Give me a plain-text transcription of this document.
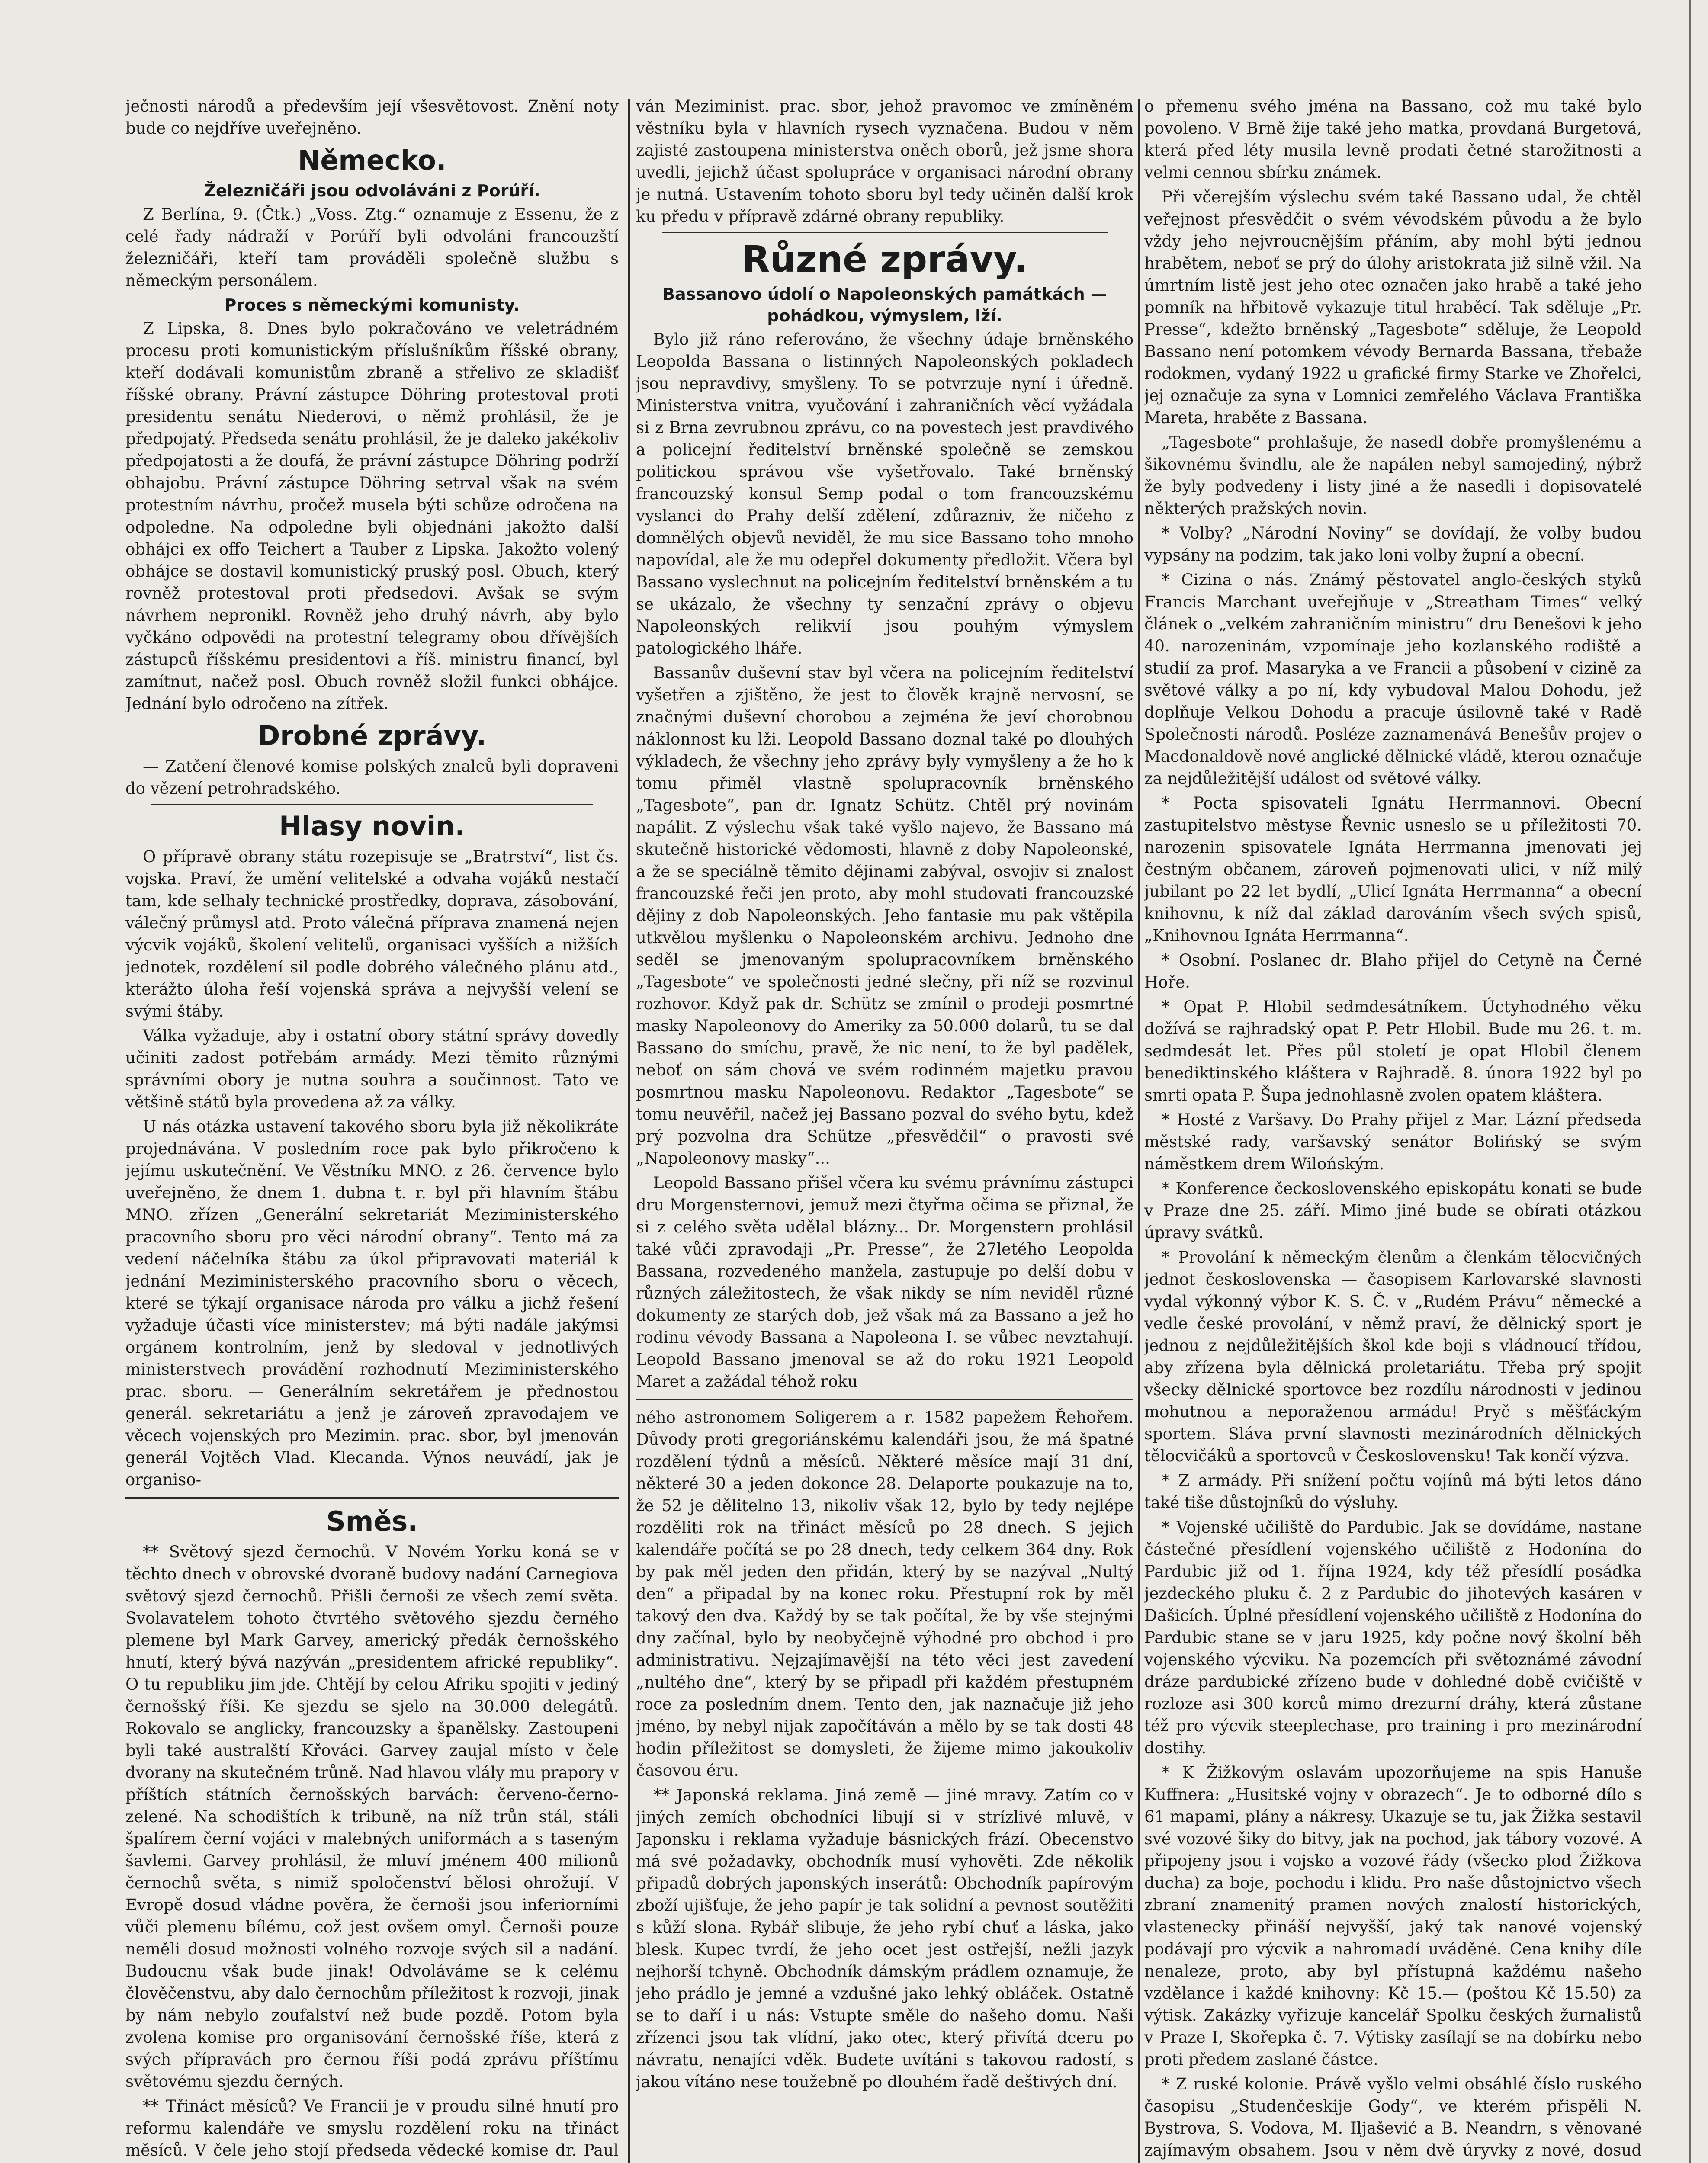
ječnosti národů a především její všesvětovost. Znění noty bude co nejdříve uveřejněno.

Německo.
Železničáři jsou odvoláváni z Porúří.

Z Berlína, 9. (Čtk.) „Voss. Ztg.“ oznamuje z Essenu, že z celé řady nádraží v Porúří byli odvoláni francouzští železničáři, kteří tam prováděli společně službu s německým personálem.

Proces s německými komunisty.

Z Lipska, 8. Dnes bylo pokračováno ve veletrádném procesu proti komunistickým příslušníkům říšské obrany, kteří dodávali komunistům zbraně a střelivo ze skladišť říšské obrany. Právní zástupce Döhring protestoval proti presidentu senátu Niederovi, o němž prohlásil, že je předpojatý. Předseda senátu prohlásil, že je daleko jakékoliv předpojatosti a že doufá, že právní zástupce Döhring podrží obhajobu. Právní zástupce Döhring setrval však na svém protestním návrhu, pročež musela býti schůze odročena na odpoledne. Na odpoledne byli objednáni jakožto další obhájci ex offo Teichert a Tauber z Lipska. Jakožto volený obhájce se dostavil komunistický pruský posl. Obuch, který rovněž protestoval proti předsedovi. Avšak se svým návrhem nepronikl. Rovněž jeho druhý návrh, aby bylo vyčkáno odpovědi na protestní telegramy obou dřívějších zástupců říšskému presidentovi a říš. ministru financí, byl zamítnut, načež posl. Obuch rovněž složil funkci obhájce. Jednání bylo odročeno na zítřek.

Drobné zprávy.

— Zatčení členové komise polských znalců byli dopraveni do vězení petrohradského.

Hlasy novin.

O přípravě obrany státu rozepisuje se „Bratrství“, list čs. vojska. Praví, že umění velitelské a odvaha vojáků nestačí tam, kde selhaly technické prostředky, dopravа, zásobování, válečný průmysl atd. Proto válečná příprava znamená nejen výcvik vojáků, školení velitelů, organisaci vyšších a nižších jednotek, rozdělení sil podle dobrého válečného plánu atd., kterážto úloha řeší vojenská správa a nejvyšší velení se svými štáby.

Válka vyžaduje, aby i ostatní obory státní správy dovedly učiniti zadost potřebám armády. Mezi těmito různými správními obory je nutna souhra a součinnost. Tato ve většině států byla provedena až za války.

U nás otázka ustavení takového sboru byla již několikráte projednávána. V posledním roce pak bylo přikročeno k jejímu uskutečnění. Ve Věstníku MNO. z 26. července bylo uveřejněno, že dnem 1. dubna t. r. byl při hlavním štábu MNO. zřízen „Generální sekretariát Meziministerského pracovního sboru pro věci národní obrany“. Tento má za vedení náčelníka štábu za úkol připravovati materiál k jednání Meziministerského pracovního sboru o věcech, které se týkají organisace národa pro válku a jichž řešení vyžaduje účasti více ministerstev; má býti nadále jakýmsi orgánem kontrolním, jenž by sledoval v jednotlivých ministerstvech provádění rozhodnutí Meziministerského prac. sboru. — Generálním sekretářem je přednostou generál. sekretariátu a jenž je zároveň zpravodajem ve věcech vojenských pro Mezimin. prac. sbor, byl jmenován generál Vojtěch Vlad. Klecanda. Výnos neuvádí, jak je organiso-

Směs.

** Světový sjezd černochů. V Novém Yorku koná se v těchto dnech v obrovské dvoraně budovy nadání Carnegiova světový sjezd černochů. Přišli černoši ze všech zemí světa. Svolavatelem tohoto čtvrtého světového sjezdu černého plemene byl Mark Garvey, americký předák černošského hnutí, který bývá nazýván „presidentem africké republiky“. O tu republiku jim jde. Chtějí by celou Afriku spojiti v jediný černošský říši. Ke sjezdu se sjelo na 30.000 delegátů. Rokovalo se anglicky, francouzsky a španělsky. Zastoupeni byli také australští Křováci. Garvey zaujal místo v čele dvorany na skutečném trůně. Nad hlavou vlály mu prapory v příštích státních černošských barvách: červeno-černo-zelené. Na schodištích k tribuně, na níž trůn stál, stáli špalírem černí vojáci v malebných uniformách a s taseným šavlemi. Garvey prohlásil, že mluví jménem 400 milionů černochů světa, s nimiž spoločenství bělosi ohrožují. V Evropě dosud vládne pověra, že černoši jsou inferiorními vůči plemenu bílému, což jest ovšem omyl. Černoši pouze neměli dosud možnosti volného rozvoje svých sil a nadání. Budoucnu však bude jinak! Odvoláváme se k celému člověčenstvu, aby dalo černochům příležitost k rozvoji, jinak by nám nebylo zoufalství než bude pozdě. Potom byla zvolena komise pro organisování černošské říše, která z svých přípravách pro černou říši podá zprávu příštímu světovému sjezdu černých.

** Třináct měsíců? Ve Francii je v proudu silné hnutí pro reformu kalendáře ve smyslu rozdělení roku na třináct měsíců. V čele jeho stojí předseda vědecké komise dr. Paul

ván Meziminist. prac. sbor, jehož pravomoc ve zmíněném věstníku byla v hlavních rysech vyznačena. Budou v něm zajisté zastoupena ministerstva oněch oborů, jež jsme shora uvedli, jejichž účast spolupráce v organisaci národní obrany je nutná. Ustavením tohoto sboru byl tedy učiněn další krok ku předu v přípravě zdárné obrany republiky.

Různé zprávy.
Bassanovo údolí o Napoleonských památkách — pohádkou, výmyslem, lží.

Bylo již ráno referováno, že všechny údaje brněnského Leopolda Bassana o listinných Napoleonských pokladech jsou nepravdivy, smyšleny. To se potvrzuje nyní i úředně. Ministerstva vnitra, vyučování i zahraničních věcí vyžádala si z Brna zevrubnou zprávu, co na povestech jest pravdivého a policejní ředitelství brněnské společně se zemskou politickou správou vše vyšetřovalo. Také brněnský francouzský konsul Semp podal o tom francouzskému vyslanci do Prahy delší zdělení, zdůrazniv, že ničeho z domnělých objevů neviděl, že mu sice Bassano toho mnoho napovídal, ale že mu odepřel dokumenty předložit. Včera byl Bassano vyslechnut na policejním ředitelství brněnském a tu se ukázalo, že všechny ty senzační zprávy o objevu Napoleonských relikvií jsou pouhým výmyslem patologického lháře.

Bassanův duševní stav byl včera na policejním ředitelství vyšetřen a zjištěno, že jest to člověk krajně nervosní, se značnými duševní chorobou a zejména že jeví chorobnou náklonnost ku lži. Leopold Bassano doznal také po dlouhých výkladech, že všechny jeho zprávy byly vymyšleny a že ho k tomu přiměl vlastně spolupracovník brněnského „Tagesbote“, pan dr. Ignatz Schütz. Chtěl prý novinám napálit. Z výslechu však také vyšlo najevo, že Bassano má skutečně historické vědomosti, hlavně z doby Napoleonské, a že se speciálně těmito dějinami zabýval, osvojiv si znalost francouzské řeči jen proto, aby mohl studovati francouzské dějiny z dob Napoleonských. Jeho fantasie mu pak vštěpila utkvělou myšlenku o Napoleonském archivu. Jednoho dne seděl se jmenovaným spolupracovníkem brněnského „Tagesbote“ ve společnosti jedné slečny, při níž se rozvinul rozhovor. Když pak dr. Schütz se zmínil o prodeji posmrtné masky Napoleonovy do Ameriky za 50.000 dolarů, tu se dal Bassano do smíchu, pravě, že nic není, to že byl padělek, neboť on sám chová ve svém rodinném majetku pravou posmrtnou masku Napoleonovu. Redaktor „Tagesbote“ se tomu neuvěřil, načež jej Bassano pozval do svého bytu, kdež prý pozvolna dra Schütze „přesvědčil“ o pravosti své „Napoleonovy masky“...

Leopold Bassano přišel včera ku svému právnímu zástupci dru Morgensternovi, jemuž mezi čtyřma očima se přiznal, že si z celého světa udělal blázny... Dr. Morgenstern prohlásil také vůči zpravodaji „Pr. Presse“, že 27letého Leopolda Bassana, rozvedeného manžela, zastupuje po delší dobu v různých záležitostech, že však nikdy se ním neviděl různé dokumenty ze starých dob, jež však má za Bassano a jež ho rodinu vévody Bassana a Napoleona I. se vůbec nevztahují. Leopold Bassano jmenoval se až do roku 1921 Leopold Maret a zažádal téhož roku

ného astronomem Soligerem a r. 1582 papežem Řehořem. Důvody proti gregoriánskému kalendáři jsou, že má špatné rozdělení týdnů a měsíců. Některé měsíce mají 31 dní, některé 30 a jeden dokonce 28. Delaporte poukazuje na to, že 52 je dělitelno 13, nikoliv však 12, bylo by tedy nejlépe rozděliti rok na třináct měsíců po 28 dnech. S jejich kalendáře počítá se po 28 dnech, tedy celkem 364 dny. Rok by pak měl jeden den přidán, který by se nazýval „Nultý den“ a připadal by na konec roku. Přestupní rok by měl takový den dva. Každý by se tak počítal, že by vše stejnými dny začínal, bylo by neobyčejně výhodné pro obchod i pro administrativu. Nejzajímavější na této věci jest zavedení „nultého dne“, který by se připadl při každém přestupném roce za posledním dnem. Tento den, jak naznačuje již jeho jméno, by nebyl nijak započítáván a mělo by se tak dosti 48 hodin příležitost se domysleti, že žijeme mimo jakoukoliv časovou éru.

** Japonská reklama. Jiná země — jiné mravy. Zatím co v jiných zemích obchodníci libují si v strízlivé mluvě, v Japonsku i reklama vyžaduje básnických frází. Obecenstvo má své požadavky, obchodník musí vyhověti. Zde několik připadů dobrých japonských inserátů: Obchodník papírovým zboží ujišťuje, že jeho papír je tak solidní a pevnost soutěžiti s kůží slona. Rybář slibuje, že jeho rybí chuť a láska, jako blesk. Kupec tvrdí, že jeho ocet jest ostřejší, nežli jazyk nejhorší tchyně. Obchodník dámským prádlem oznamuje, že jeho prádlo je jemné a vzdušné jako lehký obláček. Ostatně se to daří i u nás: Vstupte směle do našeho domu. Naši zřízenci jsou tak vlídní, jako otec, který přivítá dceru po návratu, nenajíci vděk. Budete uvítáni s takovou radostí, s jakou vítáno nese toužebně po dlouhém řadě deštivých dní.

o přemenu svého jména na Bassano, což mu také bylo povoleno. V Brně žije také jeho matka, provdaná Burgetová, která před léty musila levně prodati četné starožitnosti a velmi cennou sbírku známek.

Při včerejším výslechu svém také Bassano udal, že chtěl veřejnost přesvědčit o svém vévodském původu a že bylo vždy jeho nejvroucnějším přáním, aby mohl býti jednou hrabětem, neboť se prý do úlohy aristokrata již silně vžil. Na úmrtním listě jest jeho otec označen jako hrabě a také jeho pomník na hřbitově vykazuje titul hraběcí. Tak sděluje „Pr. Presse“, kdežto brněnský „Tagesbote“ sděluje, že Leopold Bassano není potomkem vévody Bernarda Bassana, třebaže rodokmen, vydaný 1922 u grafické firmy Starke ve Zhořelci, jej označuje za syna v Lomnici zemřelého Václava Františka Mareta, hraběte z Bassana.

„Tagesbote“ prohlašuje, že nasedl dobře promyšlenému a šikovnému švindlu, ale že napálen nebyl samojediný, nýbrž že byly podvedeny i listy jiné a že nasedli i dopisovatelé některých pražských novin.

* Volby? „Národní Noviny“ se dovídají, že volby budou vypsány na podzim, tak jako loni volby župní a obecní.

* Cizina o nás. Známý pěstovatel anglo-českých styků Francis Marchant uveřejňuje v „Streatham Times“ velký článek o „velkém zahraničním ministru“ dru Benešovi k jeho 40. narozeninám, vzpomínaje jeho kozlanského rodiště a studií za prof. Masaryka a ve Francii a působení v cizině za světové války a po ní, kdy vybudoval Malou Dohodu, jež doplňuje Velkou Dohodu a pracuje úsilovně také v Radě Společnosti národů. Posléze zaznamenává Benešův projev o Macdonaldově nové anglické dělnické vládě, kterou označuje za nejdůležitější událost od světové války.

* Pocta spisovateli Ignátu Herrmannovi. Obecní zastupitelstvo městyse Řevnic usneslo se u příležitosti 70. narozenin spisovatele Ignáta Herrmanna jmenovati jej čestným občanem, zároveň pojmenovati ulici, v níž milý jubilant po 22 let bydlí, „Ulicí Ignáta Herrmanna“ a obecní knihovnu, k níž dal základ darováním všech svých spisů, „Knihovnou Ignáta Herrmanna“.

* Osobní. Poslanec dr. Blaho přijel do Cetyně na Černé Hoře.

* Opat P. Hlobil sedmdesátníkem. Úctyhodného věku dožívá se rajhradský opat P. Petr Hlobil. Bude mu 26. t. m. sedmdesát let. Přes půl století je opat Hlobil členem benediktinského kláštera v Rajhradě. 8. února 1922 byl po smrti opata P. Šupa jednohlasně zvolen opatem kláštera.

* Hosté z Varšavy. Do Prahy přijel z Mar. Lázní předseda městské rady, varšavský senátor Bolińský se svým náměstkem drem Wilońským.

* Konference čeckoslovenského episkopátu konati se bude v Praze dne 25. září. Mimo jiné bude se obírati otázkou úpravy svátků.

* Provolání k německým členům a členkám tělocvičných jednot československa — časopisem Karlovarské slavnosti vydal výkonný výbor K. S. Č. v „Rudém Právu“ německé a vedle české provolání, v němž praví, že dělnický sport je jednou z nejdůležitějších škol kde boji s vládnoucí třídou, aby zřízena byla dělnická proletariátu. Třeba prý spojit všecky dělnické sportovce bez rozdílu národnosti v jedinou mohutnou a neporaženou armádu! Pryč s měšťáckým sportem. Sláva první slavnosti mezinárodních dělnických tělocvičáků a sportovců v Československu! Tak končí výzva.

* Z armády. Při snížení počtu vojínů má býti letos dáno také tiše důstojníků do výsluhy.

* Vojenské učiliště do Pardubic. Jak se dovídáme, nastane částečné přesídlení vojenského učiliště z Hodonína do Pardubic již od 1. října 1924, kdy též přesídlí posádka jezdeckého pluku č. 2 z Pardubic do jihotevých kasáren v Dašicích. Úplné přesídlení vojenského učiliště z Hodonína do Pardubic stane se v jaru 1925, kdy počne nový školní běh vojenského výcviku. Na pozemcích při světoznámé závodní dráze pardubické zřízeno bude v dohledné době cvičiště v rozloze asi 300 korců mimo drezurní dráhy, která zůstane též pro výcvik steeplechase, pro training i pro mezinárodní dostihy.

* K Žižkovým oslavám upozorňujeme na spis Hanuše Kuffnera: „Husitské vojny v obrazech“. Je to odborné dílo s 61 mapami, plány a nákresy. Ukazuje se tu, jak Žižka sestavil své vozové šiky do bitvy, jak na pochod, jak tábory vozové. A připojeny jsou i vojsko a vozové řády (všecko plod Žižkova ducha) za boje, pochodu i klidu. Pro naše důstojnictvo všech zbraní znamenitý pramen nových znalostí historických, vlastenecky přináší nejvyšší, jaký tak nanové vojenský podávají pro výcvik a nahromadí uváděné. Cena knihy díle nenaleze, proto, aby byl přístupná každému našeho vzdělance i každé knihovny: Kč 15.— (poštou Kč 15.50) za výtisk. Zakázky vyřizuje kancelář Spolku českých žurnalistů v Praze I, Skořepka č. 7. Výtisky zasílají se na dobírku nebo proti předem zaslané částce.

* Z ruské kolonie. Právě vyšlo velmi obsáhlé číslo ruského časopisu „Studenčeskije Gody“, ve kterém přispěli N. Bystrova, S. Vodova, M. Iljašević a B. Neandrn, s věnované zajímavým obsahem. Jsou v něm dvě úryvky z nové, dosud
